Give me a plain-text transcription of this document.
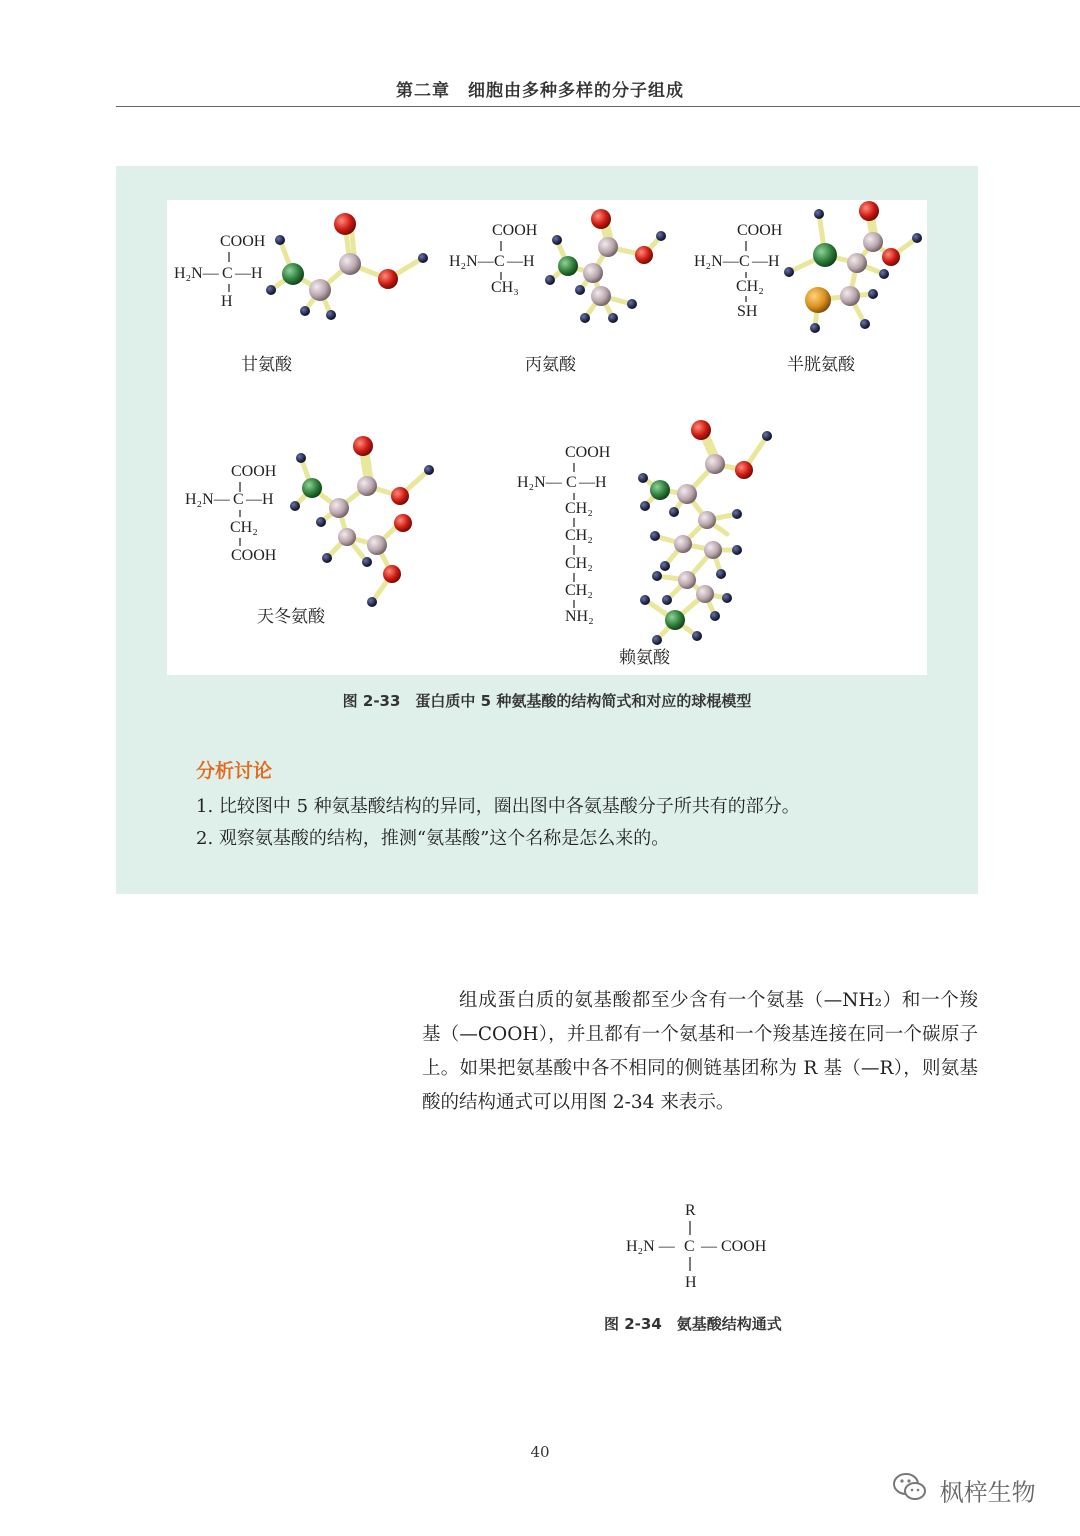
第二章　细胞由多种多样的分子组成
COOH
H₂N— C —H
H
甘氨酸
COOH
H₂N— C —H
CH₃
丙氨酸
COOH
H₂N— C —H
CH₂
SH
半胱氨酸
COOH
H₂N— C —H
CH₂
COOH
天冬氨酸
COOH
H₂N— C —H
CH₂
CH₂
CH₂
CH₂
NH₂
赖氨酸
图 2-33　蛋白质中 5 种氨基酸的结构简式和对应的球棍模型
分析讨论
1. 比较图中 5 种氨基酸结构的异同，圈出图中各氨基酸分子所共有的部分。
2. 观察氨基酸的结构，推测“氨基酸”这个名称是怎么来的。

组成蛋白质的氨基酸都至少含有一个氨基（—NH₂）和一个羧基（—COOH），并且都有一个氨基和一个羧基连接在同一个碳原子上。如果把氨基酸中各不相同的侧链基团称为 R 基（—R），则氨基酸的结构通式可以用图 2-34 来表示。

R
H₂N — C — COOH
H
图 2-34　氨基酸结构通式
40
枫梓生物
